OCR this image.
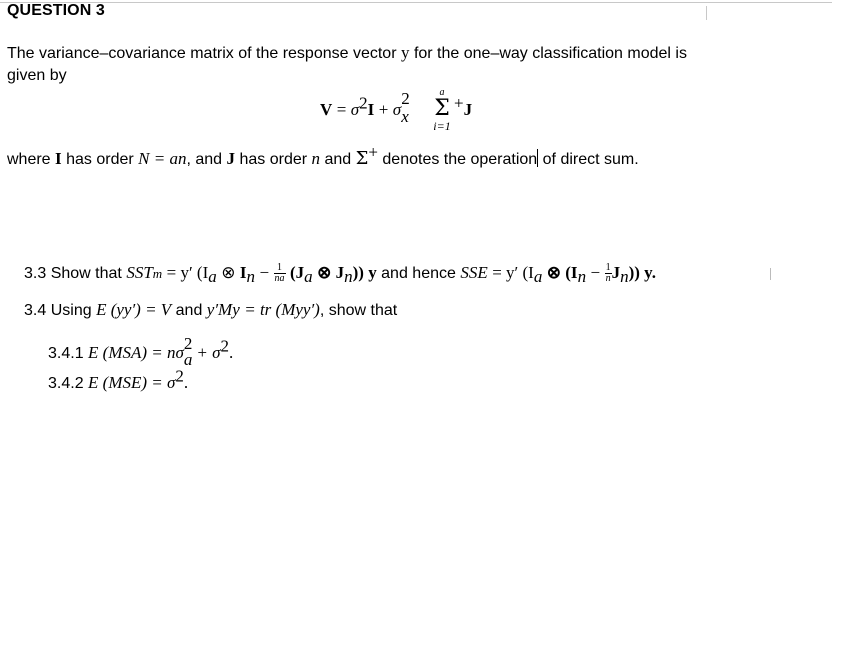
QUESTION 3
The variance–covariance matrix of the response vector y for the one–way classification model is
given by
$V = \sigma^2I + \sigma$
2
x
a
Σ
i=1
+J
where I has order N = an, and J has order n and Σ+ denotes the operation of direct sum.
3.3 Show that SSTm = y′ ($I_a$ ⊗ $I_n - \frac{1}{na} (J_a$ ⊗ $J_n$)) y and hence SSE = y′ ($I_a$ ⊗ $(I_n - \frac{1}{n} J_n)$) y.
3.4 Using E (yy′) = V and y′My = tr (Myy′), show that
3.4.1 E (MSA) = nσ 2
$a + \sigma^2$.
3.4.2 E $(MSE) = \sigma^2$.
